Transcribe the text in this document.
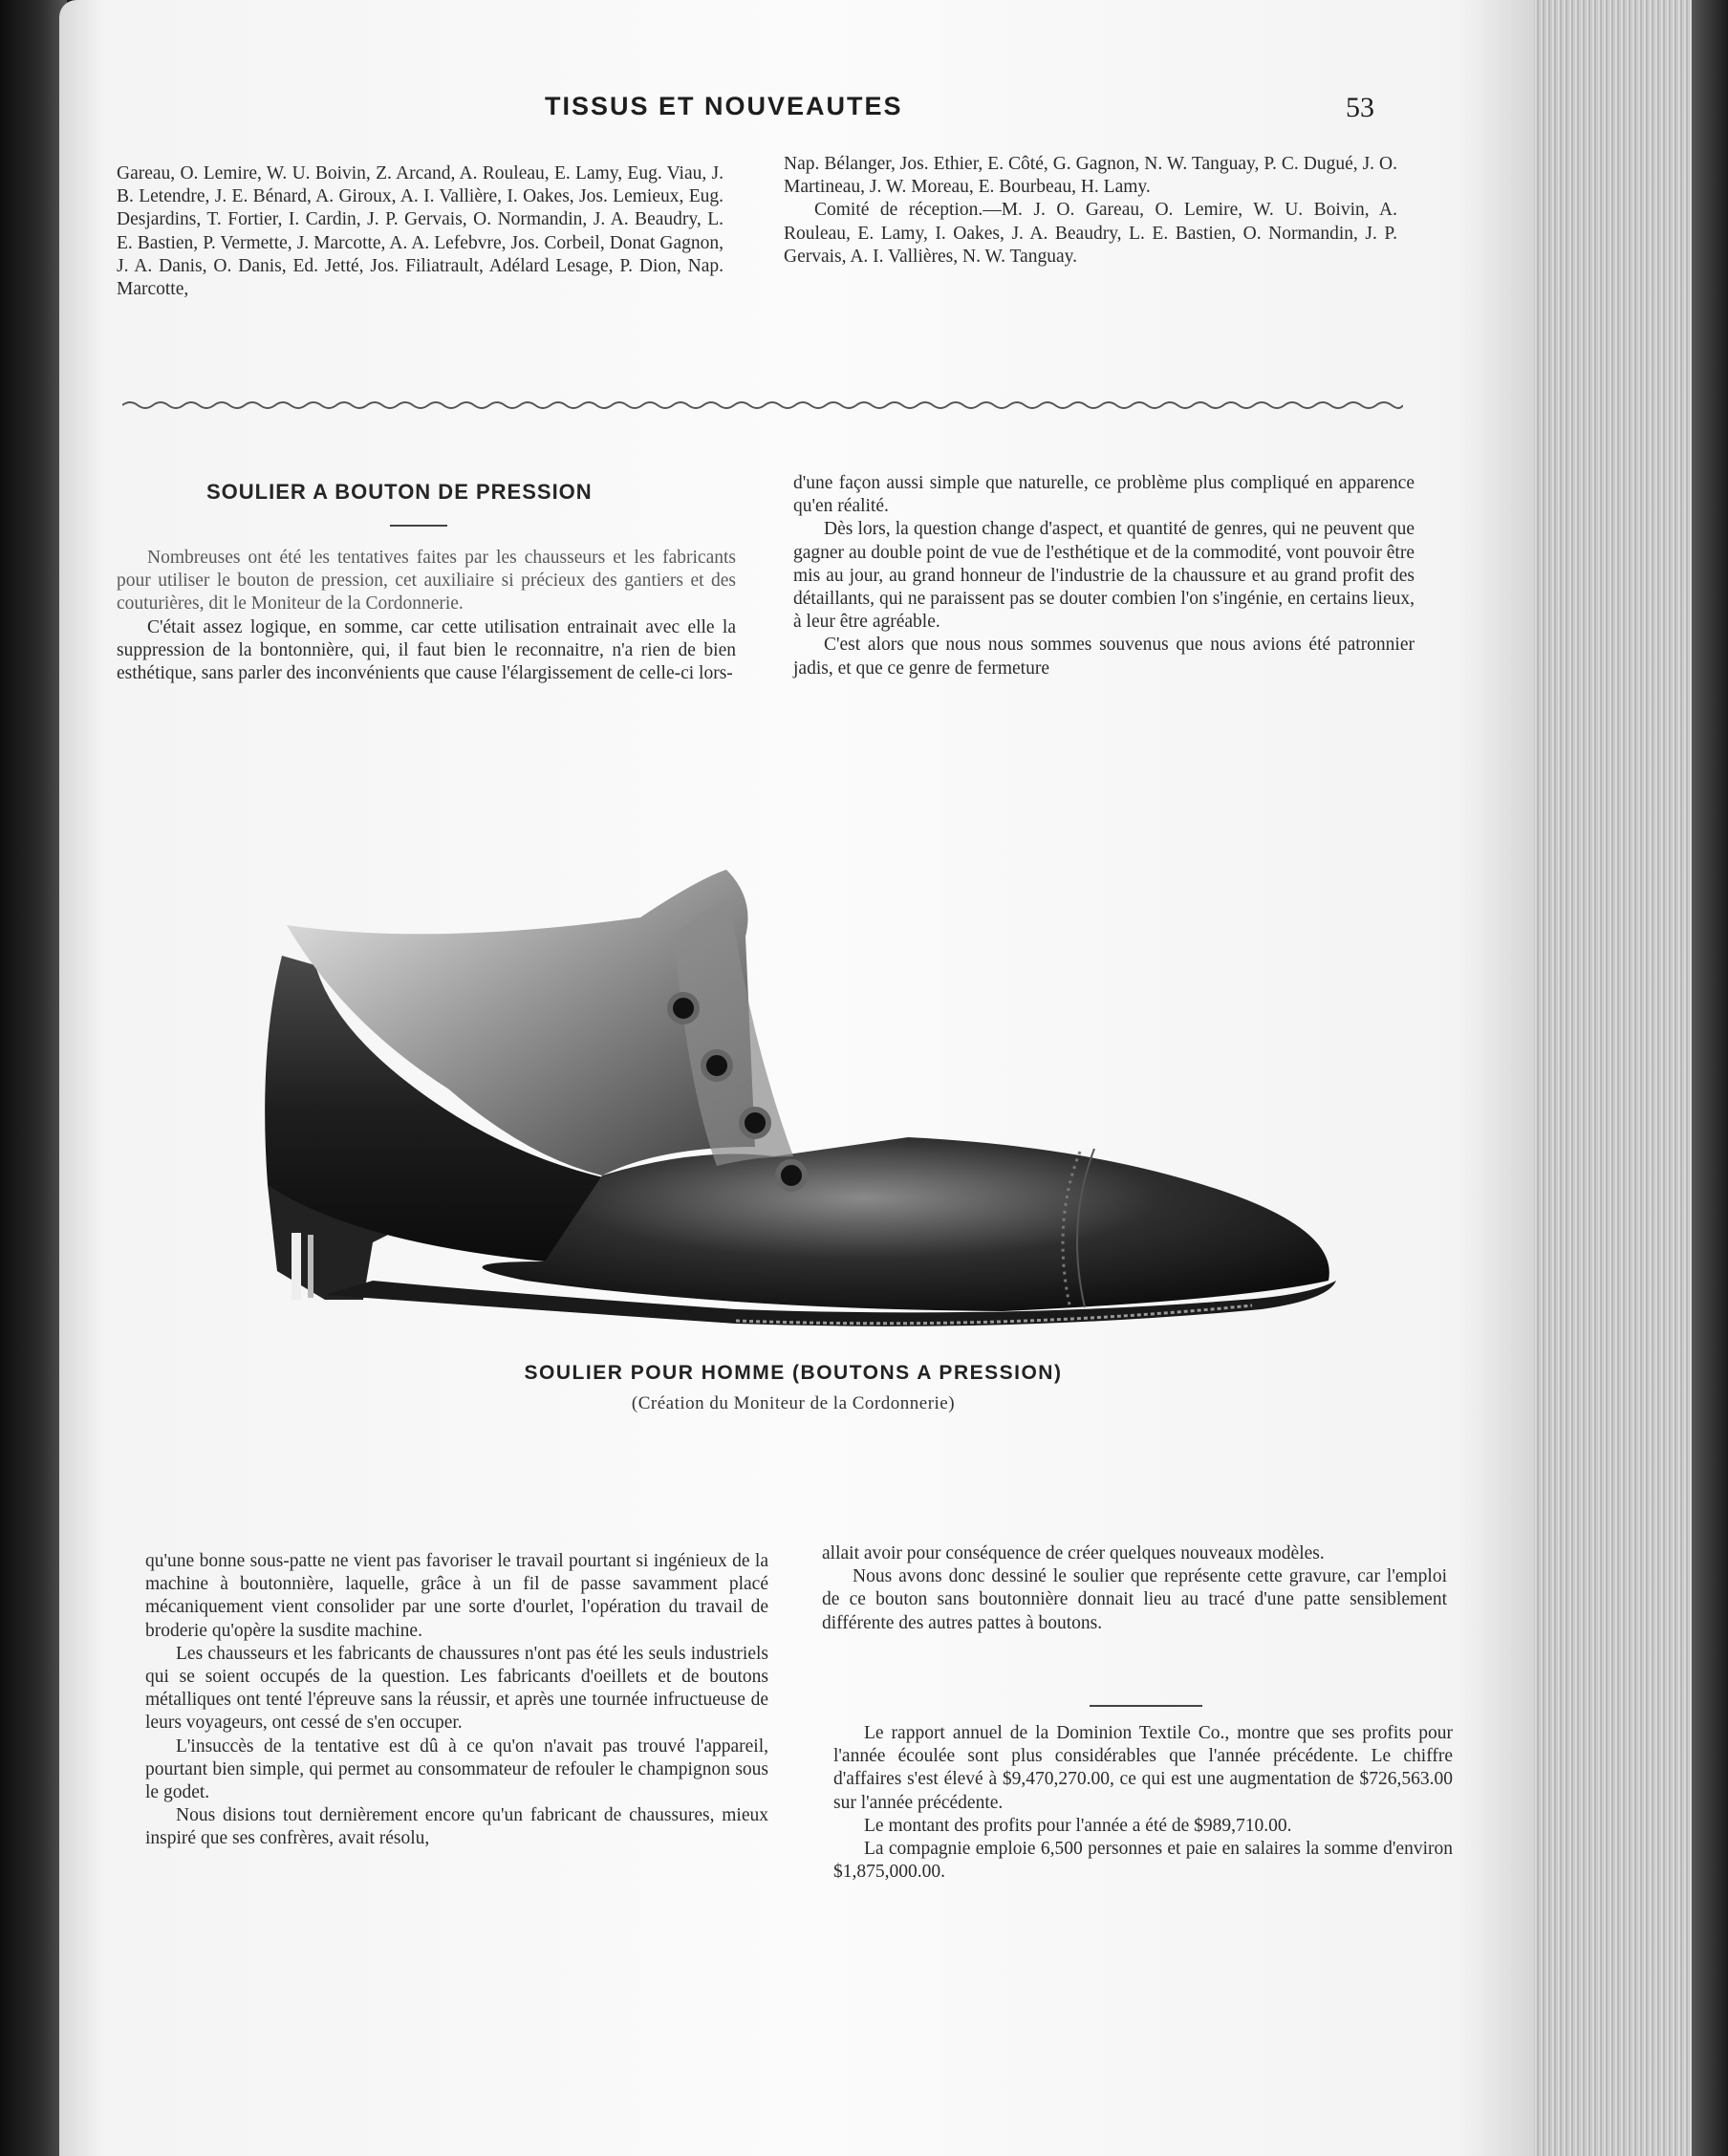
TISSUS ET NOUVEAUTES	53

Gareau, O. Lemire, W. U. Boivin, Z. Arcand, A. Rouleau, E. Lamy, Eug. Viau, J. B. Letendre, J. E. Bénard, A. Giroux, A. I. Vallière, I. Oakes, Jos. Lemieux, Eug. Desjardins, T. Fortier, I. Cardin, J. P. Gervais, O. Normandin, J. A. Beaudry, L. E. Bastien, P. Vermette, J. Marcotte, A. A. Lefebvre, Jos. Corbeil, Donat Gagnon, J. A. Danis, O. Danis, Ed. Jetté, Jos. Filiatrault, Adélard Lesage, P. Dion, Nap. Marcotte,

Nap. Bélanger, Jos. Ethier, E. Côté, G. Gagnon, N. W. Tanguay, P. C. Dugué, J. O. Martineau, J. W. Moreau, E. Bourbeau, H. Lamy.

Comité de réception.—M. J. O. Gareau, O. Lemire, W. U. Boivin, A. Rouleau, E. Lamy, I. Oakes, J. A. Beaudry, L. E. Bastien, O. Normandin, J. P. Gervais, A. I. Vallières, N. W. Tanguay.

SOULIER A BOUTON DE PRESSION

Nombreuses ont été les tentatives faites par les chausseurs et les fabricants pour utiliser le bouton de pression, cet auxiliaire si précieux des gantiers et des couturières, dit le Moniteur de la Cordonnerie.

C'était assez logique, en somme, car cette utilisation entrainait avec elle la suppression de la bontonnière, qui, il faut bien le reconnaitre, n'a rien de bien esthétique, sans parler des inconvénients que cause l'élargissement de celle-ci lors-

d'une façon aussi simple que naturelle, ce problème plus compliqué en apparence qu'en réalité.

Dès lors, la question change d'aspect, et quantité de genres, qui ne peuvent que gagner au double point de vue de l'esthétique et de la commodité, vont pouvoir être mis au jour, au grand honneur de l'industrie de la chaussure et au grand profit des détaillants, qui ne paraissent pas se douter combien l'on s'ingénie, en certains lieux, à leur être agréable.

C'est alors que nous nous sommes souvenus que nous avions été patronnier jadis, et que ce genre de fermeture

SOULIER POUR HOMME (BOUTONS A PRESSION)
(Création du Moniteur de la Cordonnerie)

qu'une bonne sous-patte ne vient pas favoriser le travail pourtant si ingénieux de la machine à boutonnière, laquelle, grâce à un fil de passe savamment placé mécaniquement vient consolider par une sorte d'ourlet, l'opération du travail de broderie qu'opère la susdite machine.

Les chausseurs et les fabricants de chaussures n'ont pas été les seuls industriels qui se soient occupés de la question. Les fabricants d'oeillets et de boutons métalliques ont tenté l'épreuve sans la réussir, et après une tournée infructueuse de leurs voyageurs, ont cessé de s'en occuper.

L'insuccès de la tentative est dû à ce qu'on n'avait pas trouvé l'appareil, pourtant bien simple, qui permet au consommateur de refouler le champignon sous le godet.

Nous disions tout dernièrement encore qu'un fabricant de chaussures, mieux inspiré que ses confrères, avait résolu,

allait avoir pour conséquence de créer quelques nouveaux modèles.

Nous avons donc dessiné le soulier que représente cette gravure, car l'emploi de ce bouton sans boutonnière donnait lieu au tracé d'une patte sensiblement différente des autres pattes à boutons.

Le rapport annuel de la Dominion Textile Co., montre que ses profits pour l'année écoulée sont plus considérables que l'année précédente. Le chiffre d'affaires s'est élevé à $9,470,270.00, ce qui est une augmentation de $726,563.00 sur l'année précédente.

Le montant des profits pour l'année a été de $989,710.00.

La compagnie emploie 6,500 personnes et paie en salaires la somme d'environ $1,875,000.00.
